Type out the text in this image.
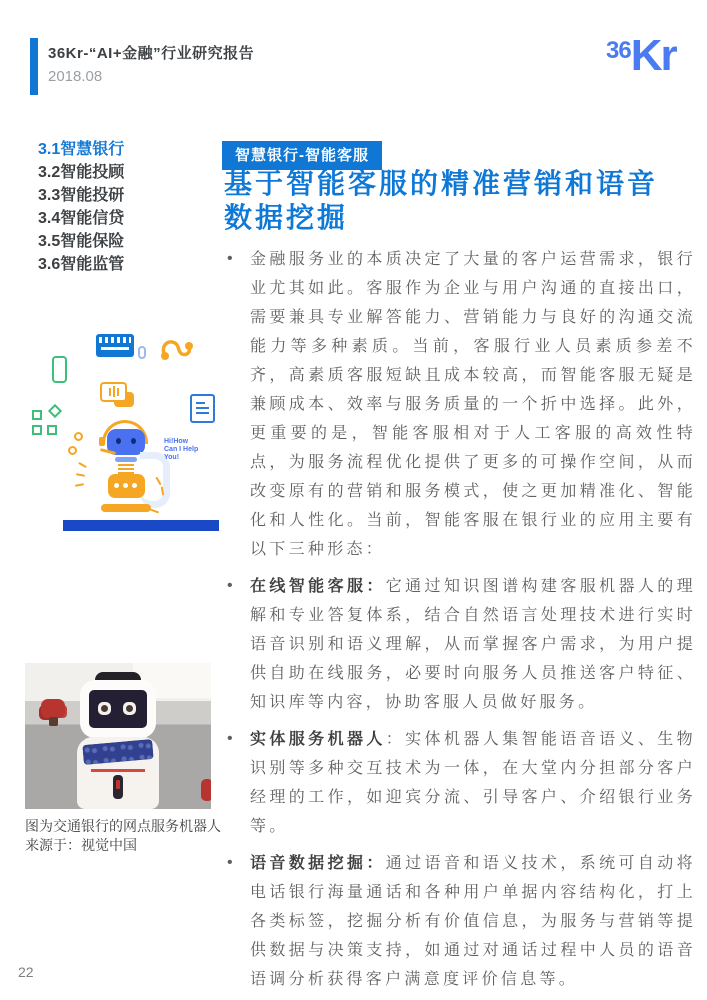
36Kr-“AI+金融”行业研究报告
2018.08
36Kr
3.1智慧银行
3.2智能投顾
3.3智能投研
3.4智能信贷
3.5智能保险
3.6智能监管
Hi!How Can I Help You!
图为交通银行的网点服务机器人
来源于：视觉中国
22
智慧银行-智能客服
基于智能客服的精准营销和语音数据挖掘
• 金融服务业的本质决定了大量的客户运营需求，银行业尤其如此。客服作为企业与用户沟通的直接出口，需要兼具专业解答能力、营销能力与良好的沟通交流能力等多种素质。当前，客服行业人员素质参差不齐，高素质客服短缺且成本较高，而智能客服无疑是兼顾成本、效率与服务质量的一个折中选择。此外，更重要的是，智能客服相对于人工客服的高效性特点，为服务流程优化提供了更多的可操作空间，从而改变原有的营销和服务模式，使之更加精准化、智能化和人性化。当前，智能客服在银行业的应用主要有以下三种形态：
• 在线智能客服：它通过知识图谱构建客服机器人的理解和专业答复体系，结合自然语言处理技术进行实时语音识别和语义理解，从而掌握客户需求，为用户提供自助在线服务，必要时向服务人员推送客户特征、知识库等内容，协助客服人员做好服务。
• 实体服务机器人：实体机器人集智能语音语义、生物识别等多种交互技术为一体，在大堂内分担部分客户经理的工作，如迎宾分流、引导客户、介绍银行业务等。
• 语音数据挖掘：通过语音和语义技术，系统可自动将电话银行海量通话和各种用户单据内容结构化，打上各类标签，挖掘分析有价值信息，为服务与营销等提供数据与决策支持，如通过对通话过程中人员的语音语调分析获得客户满意度评价信息等。
